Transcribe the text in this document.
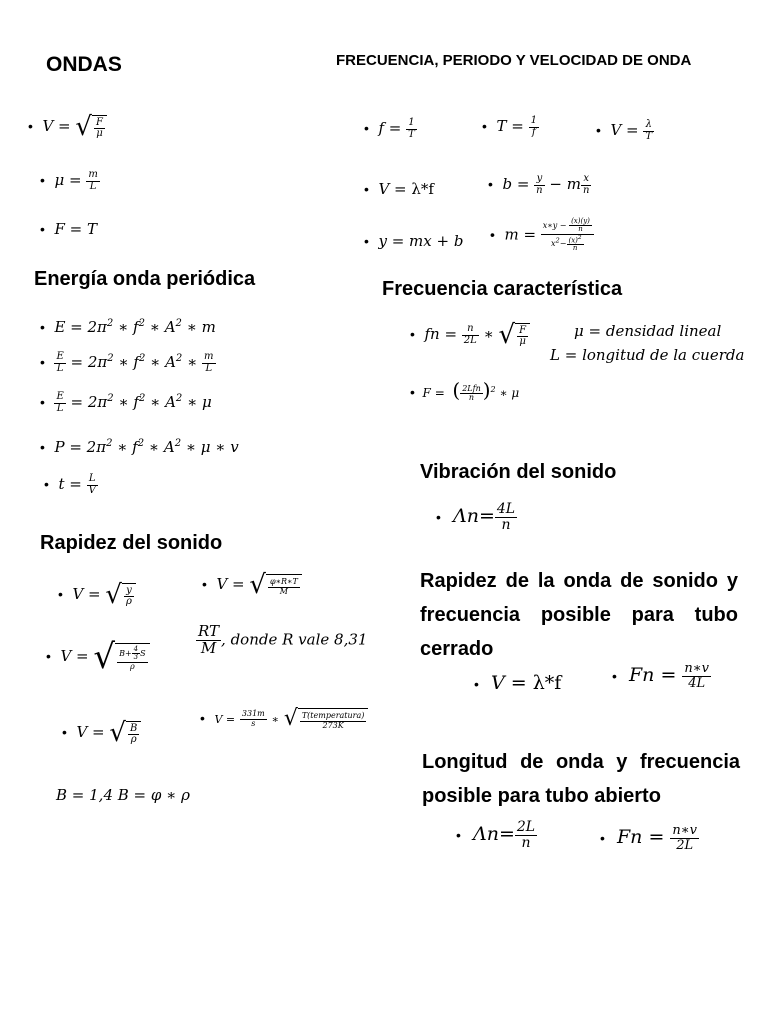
ONDAS
•  V = √ $\frac{F}{\mu}$
•  $\mu = \frac{m}{L}$
•  F = T
Energía onda periódica
•  $E = 2\pi^2$ ∗ $f^2$ ∗ $A^2$ ∗ m
• $\frac{E}{L} = 2\pi^2$ ∗ $f^2$ ∗ $A^2$ ∗ $\frac{m}{L}$
• $\frac{E}{L} = 2\pi^2$ ∗ $f^2$ ∗ $A^2$ ∗ μ
•  $P = 2\pi^2$ ∗ $f^2$ ∗ $A^2$ ∗ μ ∗ v
•  $t = \frac{L}{V}$
Rapidez del sonido
•  V = √ $\frac{y}{\rho}$
•  V = √ $\frac{\varphi∗R∗T}{M}$
$\frac{RT}{M}$ , donde R vale 8,31
•  V = √ $\frac{B+ \frac{4}{3} S}{\rho}$
• $V = \frac{331m}{s}$ ∗ √ T(temperatura)
273K
•  V = √ $\frac{B}{\rho}$
B = 1,4 B = φ ∗ ρ
FRECUENCIA, PERIODO Y VELOCIDAD DE ONDA
•  $f = \frac{1}{T}$	•  $T = \frac{1}{f}$	•  $V = \frac{\lambda}{T}$
•  V = λ*f	•  $b = \frac{y}{n} - m \frac{x}{n}$
•  y = mx + b •  $m = \frac{x∗y - \frac{(x)(y)}{n}}{x^2- \frac{(x)^2}{n}}$
Frecuencia característica
•  fn = $\frac{n}{2L}$ ∗ √ $\frac{F}{\mu}$	μ = densidad lineal
L = longitud de la cuerda
•  F = ( 2Lfn
n )$^2$ ∗ μ
Vibración del sonido
•  $\Lambda n= \frac{4L}{n}$
Rapidez de la onda de sonido y frecuencia posible para tubo cerrado
•  V = λ*f	•  $Fn = \frac{n∗v}{4L}$
Longitud de onda y frecuencia posible para tubo abierto
•  $\Lambda n= \frac{2L}{n}$	•  $Fn = \frac{n∗v}{2L}$
